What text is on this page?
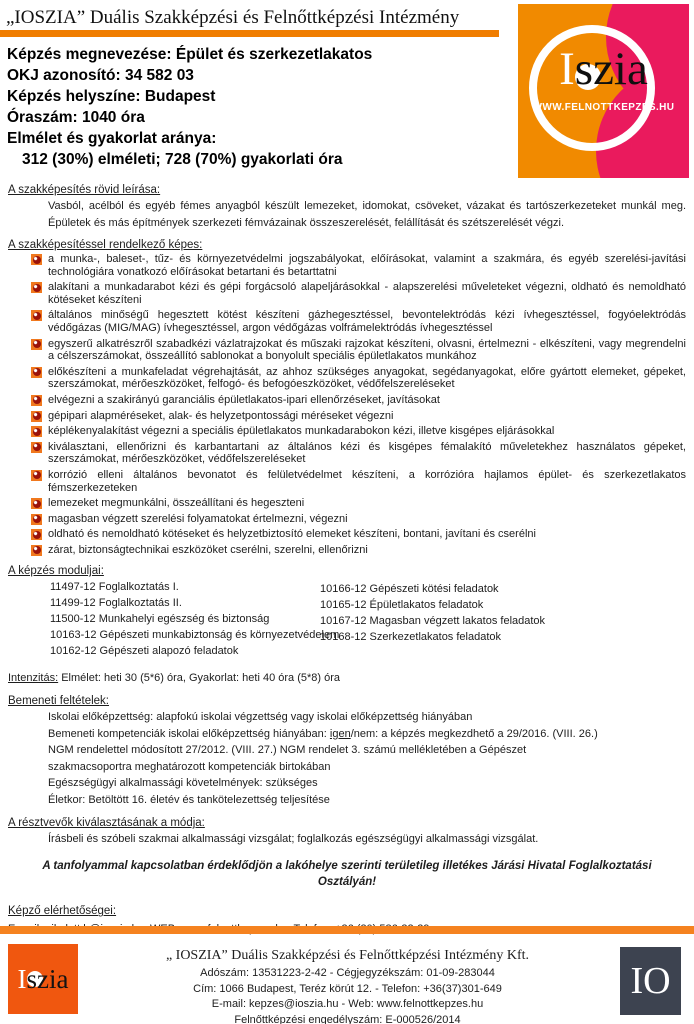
„IOSZIA” Duális Szakképzési és Felnőttképzési Intézmény
Iszia
WWW.FELNOTTKEPZES.HU
Képzés megnevezése: Épület és szerkezetlakatos
OKJ azonosító: 34 582 03
Képzés helyszíne: Budapest
Óraszám: 1040 óra
Elmélet és gyakorlat aránya:
312 (30%) elméleti; 728 (70%) gyakorlati óra
A szakképesítés rövid leírása:

Vasból, acélból és egyéb fémes anyagból készült lemezeket, idomokat, csöveket, vázakat és tartószerkezeteket munkál meg. Épületek és más építmények szerkezeti fémvázainak összeszerelését, felállítását és szétszerelését végzi.

A szakképesítéssel rendelkező képes:
a munka-, baleset-, tűz- és környezetvédelmi jogszabályokat, előírásokat, valamint a szakmára, és egyéb szerelési-javítási technológiára vonatkozó előírásokat betartani és betarttatni
alakítani a munkadarabot kézi és gépi forgácsoló alapeljárásokkal - alapszerelési műveleteket végezni, oldható és nemoldható kötéseket készíteni
általános minőségű hegesztett kötést készíteni gázhegesztéssel, bevontelektródás kézi ívhegesztéssel, fogyóelektródás védőgázas (MIG/MAG) ívhegesztéssel, argon védőgázas volfrámelektródás ívhegesztéssel
egyszerű alkatrészről szabadkézi vázlatrajzokat és műszaki rajzokat készíteni, olvasni, értelmezni - elkészíteni, vagy megrendelni a célszerszámokat, összeállító sablonokat a bonyolult speciális épületlakatos munkához
előkészíteni a munkafeladat végrehajtását, az ahhoz szükséges anyagokat, segédanyagokat, előre gyártott elemeket, gépeket, szerszámokat, mérőeszközöket, felfogó- és befogóeszközöket, védőfelszereléseket
elvégezni a szakirányú garanciális épületlakatos-ipari ellenőrzéseket, javításokat
gépipari alapméréseket, alak- és helyzetpontossági méréseket végezni
képlékenyalakítást végezni a speciális épületlakatos munkadarabokon kézi, illetve kisgépes eljárásokkal
kiválasztani, ellenőrizni és karbantartani az általános kézi és kisgépes fémalakító műveletekhez használatos gépeket, szerszámokat, mérőeszközöket, védőfelszereléseket
korrózió elleni általános bevonatot és felületvédelmet készíteni, a korrózióra hajlamos épület- és szerkezetlakatos fémszerkezeteken
lemezeket megmunkálni, összeállítani és hegeszteni
magasban végzett szerelési folyamatokat értelmezni, végezni
oldható és nemoldható kötéseket és helyzetbiztosító elemeket készíteni, bontani, javítani és cserélni
zárat, biztonságtechnikai eszközöket cserélni, szerelni, ellenőrizni
A képzés moduljai:
11497-12 Foglalkoztatás I.
11499-12 Foglalkoztatás II.
11500-12 Munkahelyi egészség és biztonság
10163-12 Gépészeti munkabiztonság és környezetvédelem
10162-12 Gépészeti alapozó feladatok
10166-12 Gépészeti kötési feladatok
10165-12 Épületlakatos feladatok
10167-12 Magasban végzett lakatos feladatok
10168-12 Szerkezetlakatos feladatok
Intenzitás: Elmélet: heti 30 (5*6) óra, Gyakorlat: heti 40 óra (5*8) óra
Bemeneti feltételek:
Iskolai előképzettség: alapfokú iskolai végzettség vagy iskolai előképzettség hiányában
Bemeneti kompetenciák iskolai előképzettség hiányában: igen/nem: a képzés megkezdhető a 29/2016. (VIII. 26.) NGM rendelettel módosított 27/2012. (VIII. 27.) NGM rendelet 3. számú mellékletében a Gépészet szakmacsoportra meghatározott kompetenciák birtokában
Egészségügyi alkalmassági követelmények: szükséges
Életkor: Betöltött 16. életév és tankötelezettség teljesítése
A résztvevők kiválasztásának a módja:
Írásbeli és szóbeli szakmai alkalmassági vizsgálat; foglalkozás egészségügyi alkalmassági vizsgálat.
A tanfolyammal kapcsolatban érdeklődjön a lakóhelye szerinti területileg illetékes Járási Hivatal Foglalkoztatási Osztályán!
Képző elérhetőségei:
Iszia
„ IOSZIA” Duális Szakképzési és Felnőttképzési Intézmény Kft.
Adószám: 13531223-2-42 - Cégjegyzékszám: 01-09-283044
Cím: 1066 Budapest, Teréz körút 12. - Telefon: +36(37)301-649
E-mail: kepzes@ioszia.hu - Web: www.felnottkepzes.hu
Felnőttképzési engedélyszám: E-000526/2014
IO
